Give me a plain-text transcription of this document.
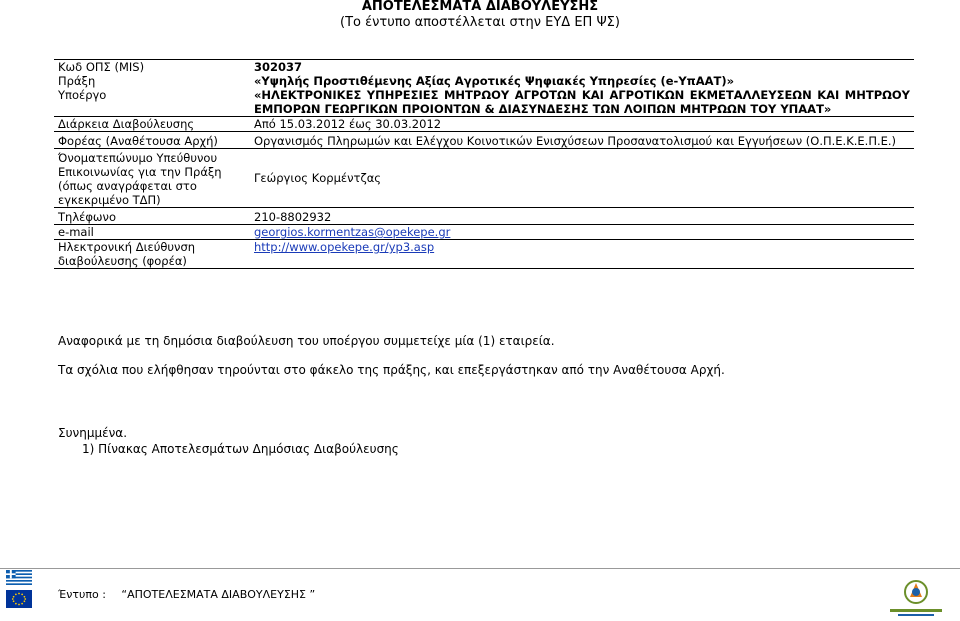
ΑΠΟΤΕΛΕΣΜΑΤΑ ΔΙΑΒΟΥΛΕΥΣΗΣ
(Το έντυπο αποστέλλεται στην ΕΥΔ ΕΠ ΨΣ)
Κωδ ΟΠΣ (MIS)	302037
Πράξη	«Υψηλής Προστιθέμενης Αξίας Αγροτικές Ψηφιακές Υπηρεσίες (e-ΥπΑΑΤ)»
Υποέργο	«ΗΛΕΚΤΡΟΝΙΚΕΣ ΥΠΗΡΕΣΙΕΣ ΜΗΤΡΩΟΥ ΑΓΡΟΤΩΝ ΚΑΙ ΑΓΡΟΤΙΚΩΝ ΕΚΜΕΤΑΛΛΕΥΣΕΩΝ ΚΑΙ ΜΗΤΡΩΟΥ ΕΜΠΟΡΩΝ ΓΕΩΡΓΙΚΩΝ ΠΡΟΙΟΝΤΩΝ & ΔΙΑΣΥΝΔΕΣΗΣ ΤΩΝ ΛΟΙΠΩΝ ΜΗΤΡΩΩΝ ΤΟΥ ΥΠΑΑΤ»
Διάρκεια Διαβούλευσης	Από 15.03.2012 έως 30.03.2012
Φορέας (Αναθέτουσα Αρχή)	Οργανισμός Πληρωμών και Ελέγχου Κοινοτικών Ενισχύσεων Προσανατολισμού και Εγγυήσεων (Ο.Π.Ε.Κ.Ε.Π.Ε.)
Όνοματεπώνυμο Υπεύθυνου Επικοινωνίας για την Πράξη (όπως αναγράφεται στο εγκεκριμένο ΤΔΠ)	Γεώργιος Κορμέντζας
Τηλέφωνο	210-8802932
e-mail	georgios.kormentzas@opekepe.gr
Ηλεκτρονική Διεύθυνση διαβούλευσης (φορέα)	http://www.opekepe.gr/yp3.asp
Αναφορικά με τη δημόσια διαβούλευση του υποέργου συμμετείχε μία (1) εταιρεία.
Τα σχόλια που ελήφθησαν τηρούνται στο φάκελο της πράξης, και επεξεργάστηκαν από την Αναθέτουσα Αρχή.
Συνημμένα.
1) Πίνακας Αποτελεσμάτων Δημόσιας Διαβούλευσης
Έντυπο : “ΑΠΟΤΕΛΕΣΜΑΤΑ ΔΙΑΒΟΥΛΕΥΣΗΣ ”
